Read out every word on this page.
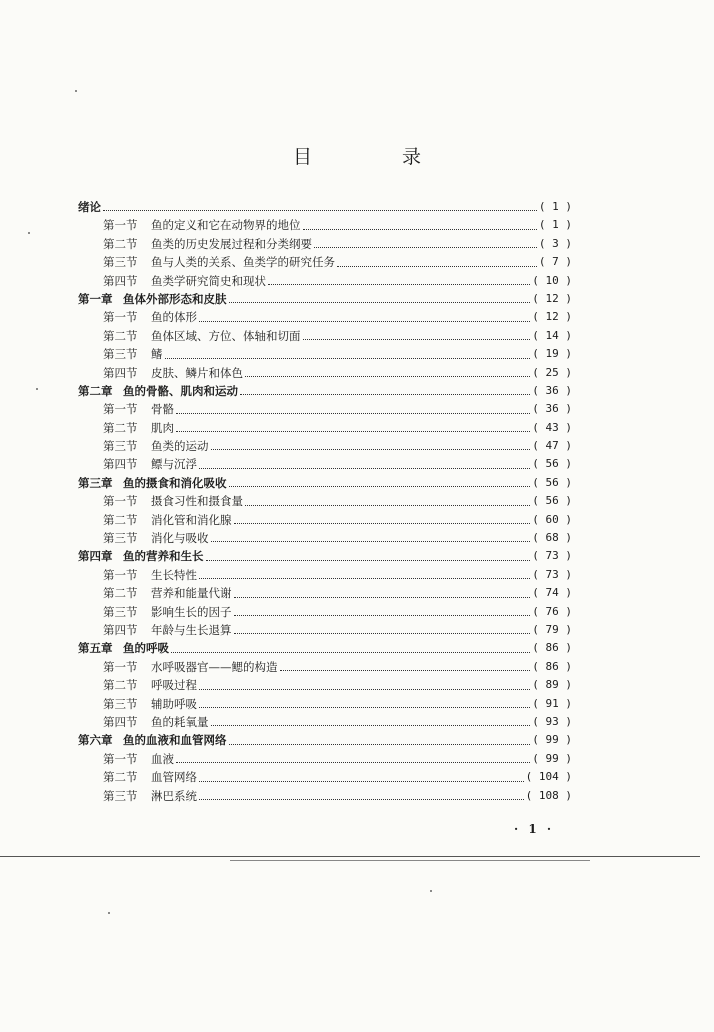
目 录
绪论	( 1 )
第一节 鱼的定义和它在动物界的地位	( 1 )
第二节 鱼类的历史发展过程和分类纲要	( 3 )
第三节 鱼与人类的关系、鱼类学的研究任务	( 7 )
第四节 鱼类学研究简史和现状	( 10 )
第一章 鱼体外部形态和皮肤	( 12 )
第一节 鱼的体形	( 12 )
第二节 鱼体区域、方位、体轴和切面	( 14 )
第三节 鳍	( 19 )
第四节 皮肤、鳞片和体色	( 25 )
第二章 鱼的骨骼、肌肉和运动	( 36 )
第一节 骨骼	( 36 )
第二节 肌肉	( 43 )
第三节 鱼类的运动	( 47 )
第四节 鳔与沉浮	( 56 )
第三章 鱼的摄食和消化吸收	( 56 )
第一节 摄食习性和摄食量	( 56 )
第二节 消化管和消化腺	( 60 )
第三节 消化与吸收	( 68 )
第四章 鱼的营养和生长	( 73 )
第一节 生长特性	( 73 )
第二节 营养和能量代谢	( 74 )
第三节 影响生长的因子	( 76 )
第四节 年龄与生长退算	( 79 )
第五章 鱼的呼吸	( 86 )
第一节 水呼吸器官——鳃的构造	( 86 )
第二节 呼吸过程	( 89 )
第三节 辅助呼吸	( 91 )
第四节 鱼的耗氧量	( 93 )
第六章 鱼的血液和血管网络	( 99 )
第一节 血液	( 99 )
第二节 血管网络	( 104 )
第三节 淋巴系统	( 108 )
· 1 ·
